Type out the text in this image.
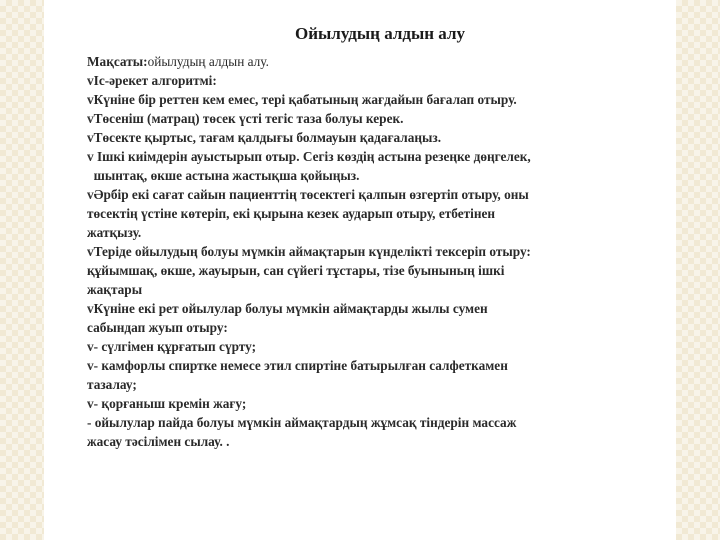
Ойылудың алдын алу
Мақсаты:ойылудың алдын алу.
vІс-әрекет алгоритмі:
vКүніне бір реттен кем емес, тері қабатының жағдайын бағалап отыру.
vТөсеніш (матрац) төсек үсті тегіс таза болуы керек.
vТөсекте қыртыс, тағам қалдығы болмауын қадағалаңыз.
v Ішкі киімдерін ауыстырып отыр. Сегіз көздің астына резеңке дөңгелек,
шынтақ, өкше астына жастықша қойыңыз.
vӘрбір екі сағат сайын пациенттің төсектегі қалпын өзгертіп отыру, оны
төсектің үстіне көтеріп, екі қырына кезек аударып отыру, етбетінен
жатқызу.
vТеріде ойылудың болуы мүмкін аймақтарын күнделікті тексеріп отыру:
құйымшақ, өкше, жауырын, сан сүйегі тұстары, тізе буынының ішкі
жақтары
vКүніне екі рет ойылулар болуы мүмкін аймақтарды жылы сумен
сабындап жуып отыру:
v- сүлгімен құрғатып сүрту;
v- камфорлы спиртке немесе этил спиртіне батырылған салфеткамен
тазалау;
v- қорғаныш кремін жағу;
- ойылулар пайда болуы мүмкін аймақтардың жұмсақ тіндерін массаж
жасау тәсілімен сылау. .
